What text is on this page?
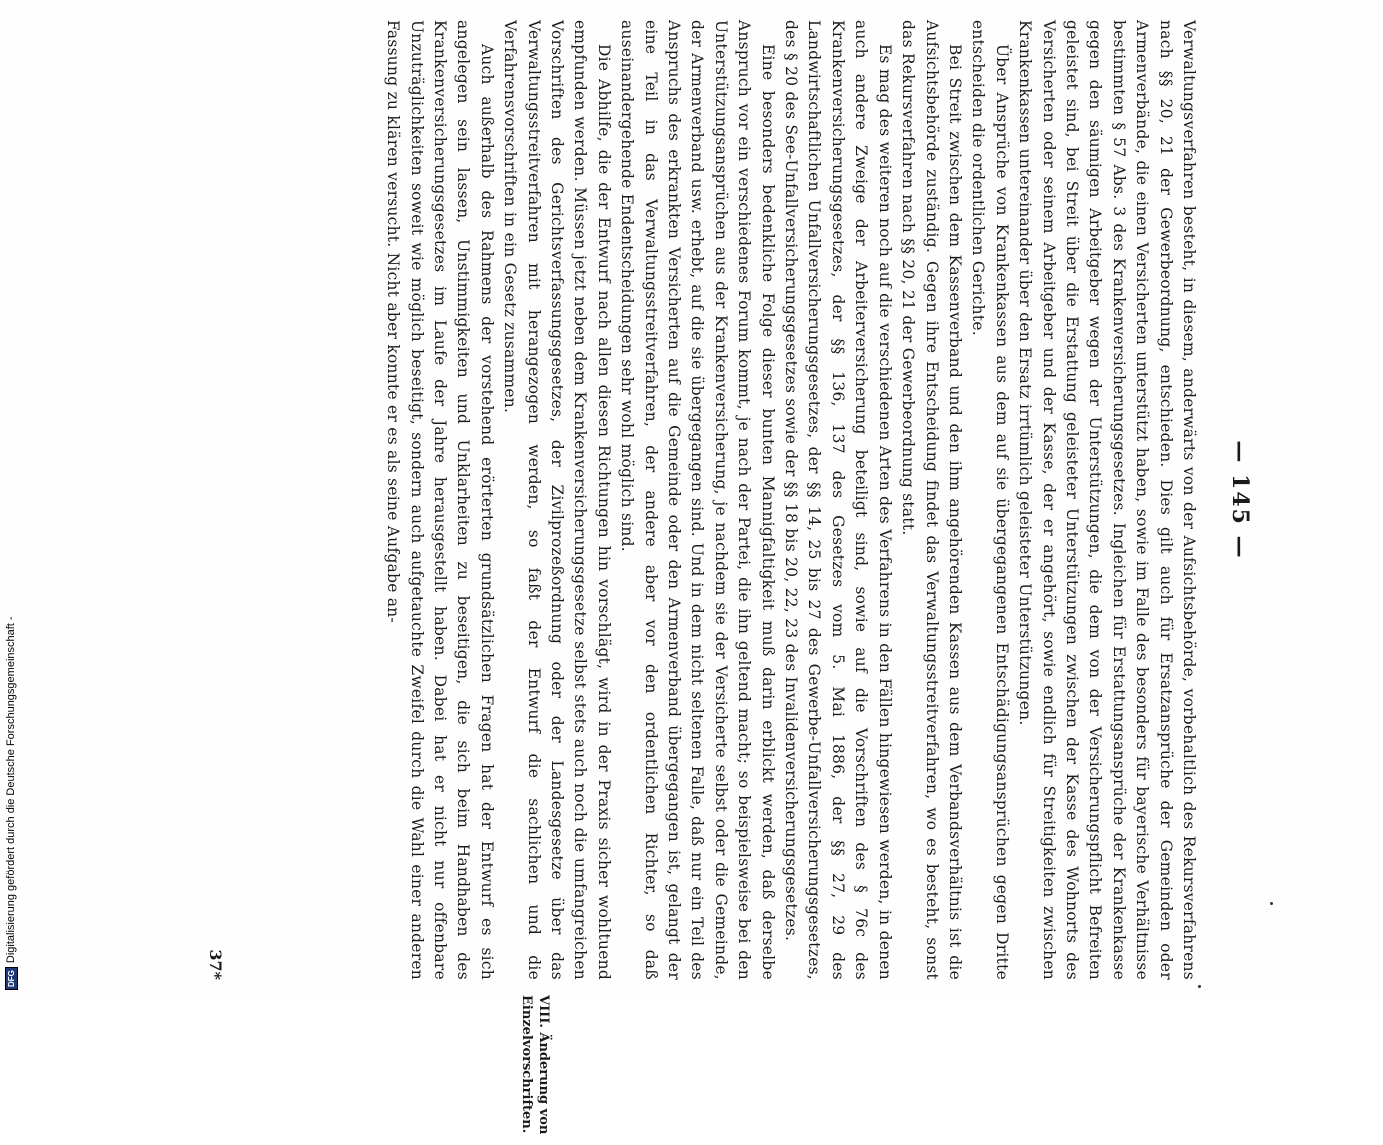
— 145 —

Verwaltungsverfahren besteht, in diesem, anderwärts von der Aufsichtsbehörde, vorbehaltlich des Rekursverfahrens nach §§ 20, 21 der Gewerbeordnung, entschieden. Dies gilt auch für Ersatzansprüche der Gemeinden oder Armenverbände, die einen Versicherten unterstützt haben, sowie im Falle des besonders für bayerische Verhältnisse bestimmten § 57 Abs. 3 des Krankenversicherungsgesetzes. Ingleichen für Erstattungsansprüche der Krankenkasse gegen den säumigen Arbeitgeber wegen der Unterstützungen, die dem von der Versicherungspflicht Befreiten geleistet sind, bei Streit über die Erstattung geleisteter Unterstützungen zwischen der Kasse des Wohnorts des Versicherten oder seinem Arbeitgeber und der Kasse, der er angehört, sowie endlich für Streitigkeiten zwischen Krankenkassen untereinander über den Ersatz irrtümlich geleisteter Unterstützungen.

Über Ansprüche von Krankenkassen aus dem auf sie übergegangenen Entschädigungsansprüchen gegen Dritte entscheiden die ordentlichen Gerichte.

Bei Streit zwischen dem Kassenverband und den ihm angehörenden Kassen aus dem Verbandsverhältnis ist die Aufsichtsbehörde zuständig. Gegen ihre Entscheidung findet das Verwaltungsstreitverfahren, wo es besteht, sonst das Rekursverfahren nach §§ 20, 21 der Gewerbeordnung statt.

Es mag des weiteren noch auf die verschiedenen Arten des Verfahrens in den Fällen hingewiesen werden, in denen auch andere Zweige der Arbeiterversicherung beteiligt sind, sowie auf die Vorschriften des § 76c des Krankenversicherungsgesetzes, der §§ 136, 137 des Gesetzes vom 5. Mai 1886, der §§ 27, 29 des Landwirtschaftlichen Unfallversicherungsgesetzes, der §§ 14, 25 bis 27 des Gewerbe-Unfallversicherungsgesetzes, des § 20 des See-Unfallversicherungsgesetzes sowie der §§ 18 bis 20, 22, 23 des Invalidenversicherungsgesetzes.

Eine besonders bedenkliche Folge dieser bunten Mannigfaltigkeit muß darin erblickt werden, daß derselbe Anspruch vor ein verschiedenes Forum kommt, je nach der Partei, die ihn geltend macht; so beispielsweise bei den Unterstützungsansprüchen aus der Krankenversicherung, je nachdem sie der Versicherte selbst oder die Gemeinde, der Armenverband usw. erhebt, auf die sie übergegangen sind. Und in dem nicht seltenen Falle, daß nur ein Teil des Anspruchs des erkrankten Versicherten auf die Gemeinde oder den Armenverband übergegangen ist, gelangt der eine Teil in das Verwaltungsstreitverfahren, der andere aber vor den ordentlichen Richter, so daß auseinandergehende Endentscheidungen sehr wohl möglich sind.

Die Abhilfe, die der Entwurf nach allen diesen Richtungen hin vorschlägt, wird in der Praxis sicher wohltuend empfunden werden. Müssen jetzt neben dem Krankenversicherungsgesetze selbst stets auch noch die umfangreichen Vorschriften des Gerichtsverfassungsgesetzes, der Zivilprozeßordnung oder der Landesgesetze über das Verwaltungsstreitverfahren mit herangezogen werden, so faßt der Entwurf die sachlichen und die Verfahrensvorschriften in ein Gesetz zusammen.

Auch außerhalb des Rahmens der vorstehend erörterten grundsätzlichen Fragen hat der Entwurf es sich angelegen sein lassen, Unstimmigkeiten und Unklarheiten zu beseitigen, die sich beim Handhaben des Krankenversicherungsgesetzes im Laufe der Jahre herausgestellt haben. Dabei hat er nicht nur offenbare Unzuträglichkeiten soweit wie möglich beseitigt, sondern auch aufgetauchte Zweifel durch die Wahl einer anderen Fassung zu klären versucht. Nicht aber konnte er es als seine Aufgabe an-

VIII. Änderung von Einzelvorschriften.
37*
DFG
Digitalisierung gefördert durch die Deutsche Forschungsgemeinschaft -
